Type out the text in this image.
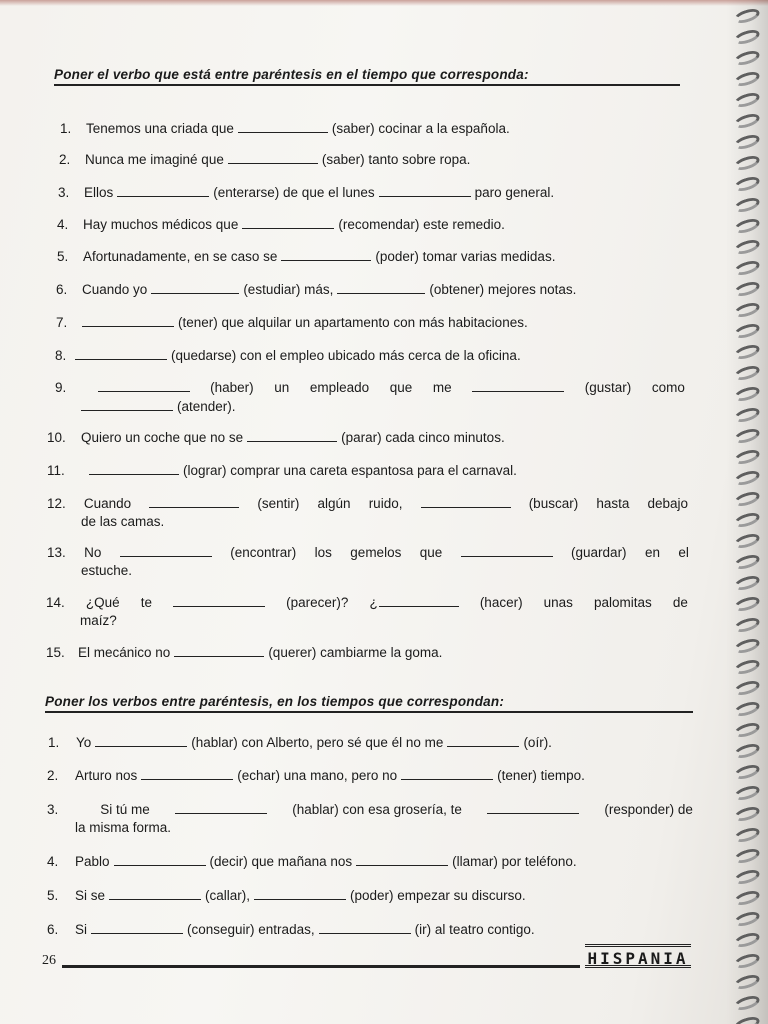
Poner el verbo que está entre paréntesis en el tiempo que corresponda:
1. Tenemos una criada que	(saber) cocinar a la española.
2. Nunca me imaginé que	(saber) tanto sobre ropa.
3. Ellos	(enterarse) de que el lunes	paro general.
4. Hay muchos médicos que	(recomendar) este remedio.
5. Afortunadamente, en se caso se	(poder) tomar varias medidas.
6. Cuando yo	(estudiar) más,	(obtener) mejores notas.
7.	(tener) que alquilar un apartamento con más habitaciones.
8.	(quedarse) con el empleo ubicado más cerca de la oficina.
9.	(haber) un empleado que me	(gustar) como
(atender).
10. Quiero un coche que no se	(parar) cada cinco minutos.
11.	(lograr) comprar una careta espantosa para el carnaval.
12. Cuando	(sentir) algún ruido,	(buscar) hasta debajo
de las camas.
13. No	(encontrar) los gemelos que	(guardar) en el
estuche.
14. ¿Qué te	(parecer)? ¿	(hacer) unas palomitas de
maíz?
15. El mecánico no	(querer) cambiarme la goma.
Poner los verbos entre paréntesis, en los tiempos que correspondan:
1. Yo	(hablar) con Alberto, pero sé que él no me	(oír).
2. Arturo nos	(echar) una mano, pero no	(tener) tiempo.
3.	Si tú me	(hablar) con esa grosería, te	(responder) de
la misma forma.
4. Pablo	(decir) que mañana nos	(llamar) por teléfono.
5. Si se	(callar),	(poder) empezar su discurso.
6. Si	(conseguir) entradas,	(ir) al teatro contigo.
26	HISPANIA
